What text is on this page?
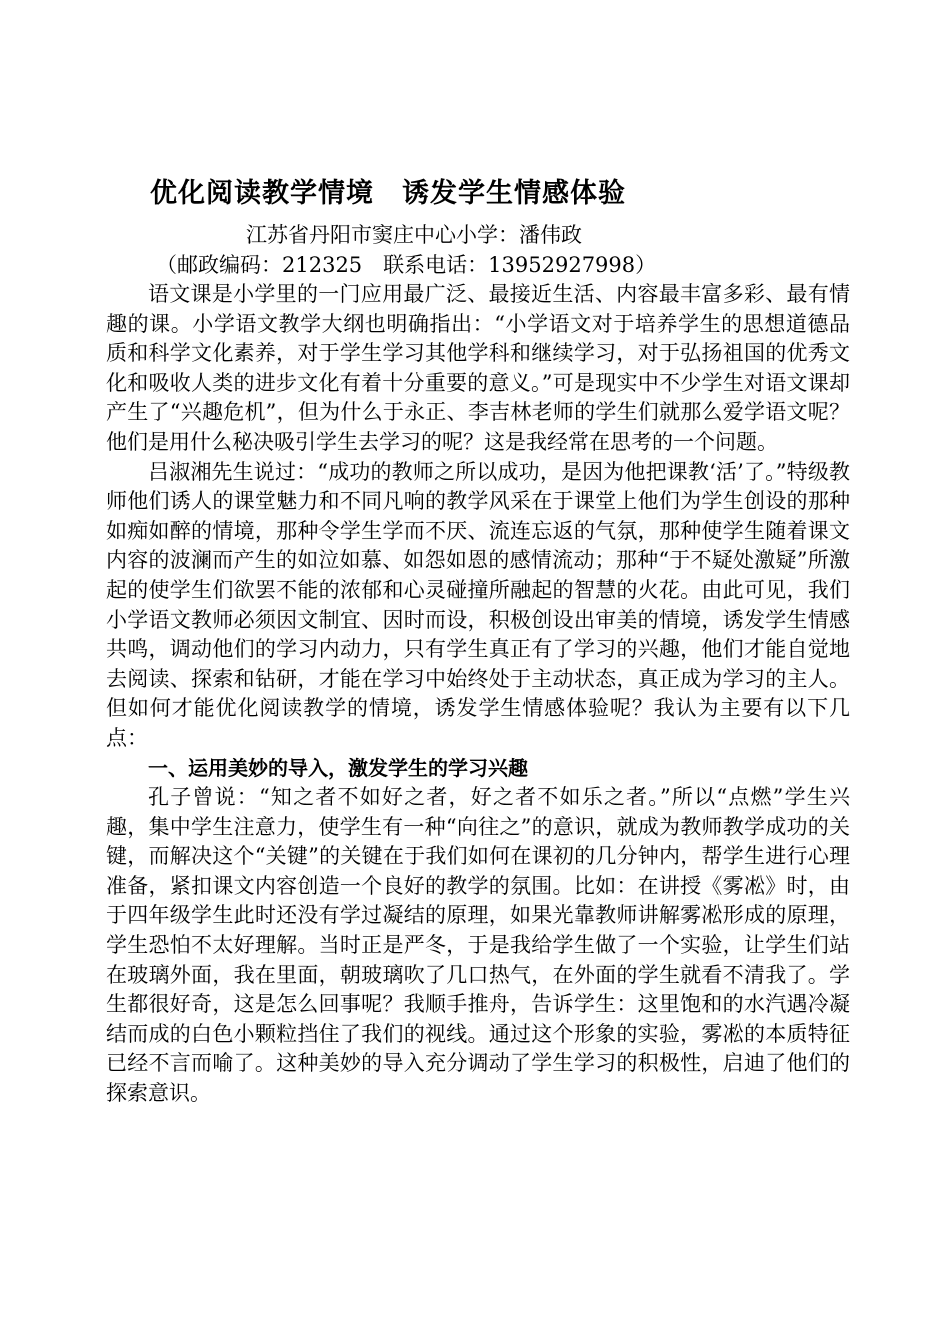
优化阅读教学情境　诱发学生情感体验

江苏省丹阳市窦庄中心小学：潘伟政

（邮政编码：212325　联系电话：13952927998）

语文课是小学里的一门应用最广泛、最接近生活、内容最丰富多彩、最有情趣的课。小学语文教学大纲也明确指出：“小学语文对于培养学生的思想道德品质和科学文化素养，对于学生学习其他学科和继续学习，对于弘扬祖国的优秀文化和吸收人类的进步文化有着十分重要的意义。”可是现实中不少学生对语文课却产生了“兴趣危机”，但为什么于永正、李吉林老师的学生们就那么爱学语文呢？他们是用什么秘决吸引学生去学习的呢？这是我经常在思考的一个问题。

吕淑湘先生说过：“成功的教师之所以成功，是因为他把课教‘活’了。”特级教师他们诱人的课堂魅力和不同凡响的教学风采在于课堂上他们为学生创设的那种如痴如醉的情境，那种令学生学而不厌、流连忘返的气氛，那种使学生随着课文内容的波澜而产生的如泣如慕、如怨如恩的感情流动；那种“于不疑处激疑”所激起的使学生们欲罢不能的浓郁和心灵碰撞所融起的智慧的火花。由此可见，我们小学语文教师必须因文制宜、因时而设，积极创设出审美的情境，诱发学生情感共鸣，调动他们的学习内动力，只有学生真正有了学习的兴趣，他们才能自觉地去阅读、探索和钻研，才能在学习中始终处于主动状态，真正成为学习的主人。但如何才能优化阅读教学的情境，诱发学生情感体验呢？我认为主要有以下几点：

一、运用美妙的导入，激发学生的学习兴趣

孔子曾说：“知之者不如好之者，好之者不如乐之者。”所以“点燃”学生兴趣，集中学生注意力，使学生有一种“向往之”的意识，就成为教师教学成功的关键，而解决这个“关键”的关键在于我们如何在课初的几分钟内，帮学生进行心理准备，紧扣课文内容创造一个良好的教学的氛围。比如：在讲授《雾凇》时，由于四年级学生此时还没有学过凝结的原理，如果光靠教师讲解雾凇形成的原理，学生恐怕不太好理解。当时正是严冬，于是我给学生做了一个实验，让学生们站在玻璃外面，我在里面，朝玻璃吹了几口热气，在外面的学生就看不清我了。学生都很好奇，这是怎么回事呢？我顺手推舟，告诉学生：这里饱和的水汽遇冷凝结而成的白色小颗粒挡住了我们的视线。通过这个形象的实验，雾凇的本质特征已经不言而喻了。这种美妙的导入充分调动了学生学习的积极性，启迪了他们的探索意识。
